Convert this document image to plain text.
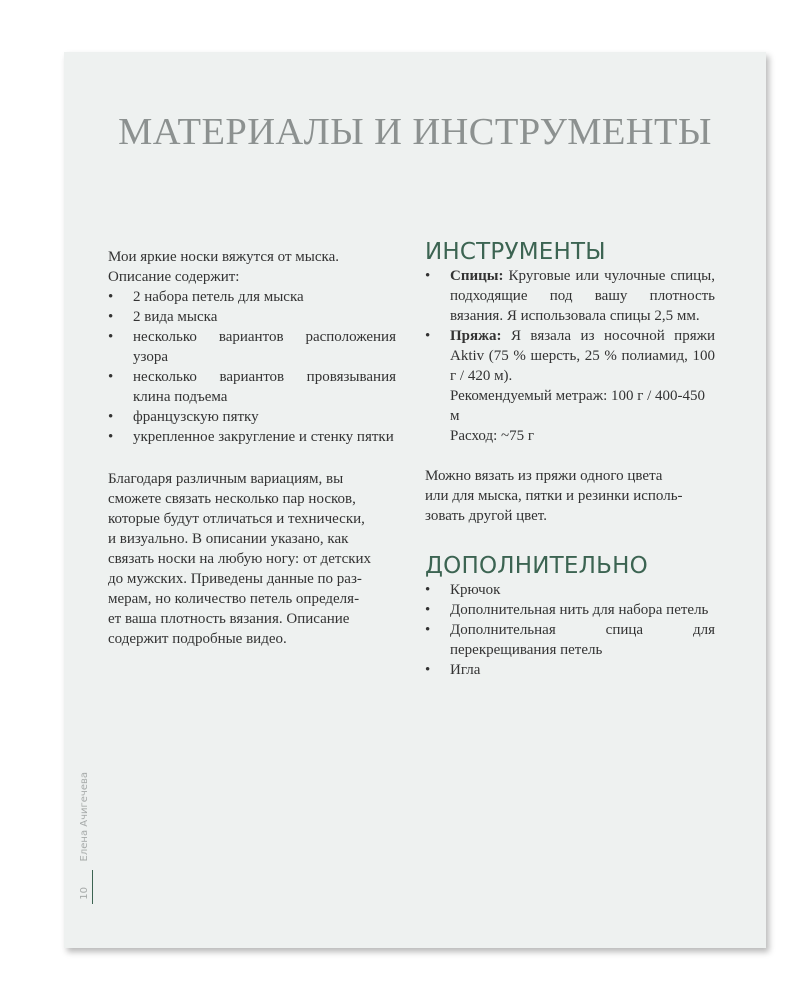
МАТЕРИАЛЫ И ИНСТРУМЕНТЫ

Мои яркие носки вяжутся от мыска.

Описание содержит:

• 2 набора петель для мыска
• 2 вида мыска
• несколько вариантов расположения узора
• несколько вариантов провязывания клина подъема
• французскую пятку
• укрепленное закругление и стенку пятки

Благодаря различным вариациям, вы

сможете связать несколько пар носков,

которые будут отличаться и технически,

и визуально. В описании указано, как

связать носки на любую ногу: от детских

до мужских. Приведены данные по раз-

мерам, но количество петель определя-

ет ваша плотность вязания. Описание

содержит подробные видео.

ИНСТРУМЕНТЫ
• Спицы: Круговые или чулочные спицы, подходящие под вашу плотность вязания. Я использовала спицы 2,5 мм.
• Пряжа: Я вязала из носочной пряжи Aktiv (75 % шерсть, 25 % полиамид, 100 г / 420 м).

Рекомендуемый метраж: 100 г / 400-450 м

Расход: ~75 г

Можно вязать из пряжи одного цвета

или для мыска, пятки и резинки исполь-

зовать другой цвет.

ДОПОЛНИТЕЛЬНО
• Крючок
• Дополнительная нить для набора петель
• Дополнительная спица для перекрещивания петель
• Игла
Елена Ачигечева
10
